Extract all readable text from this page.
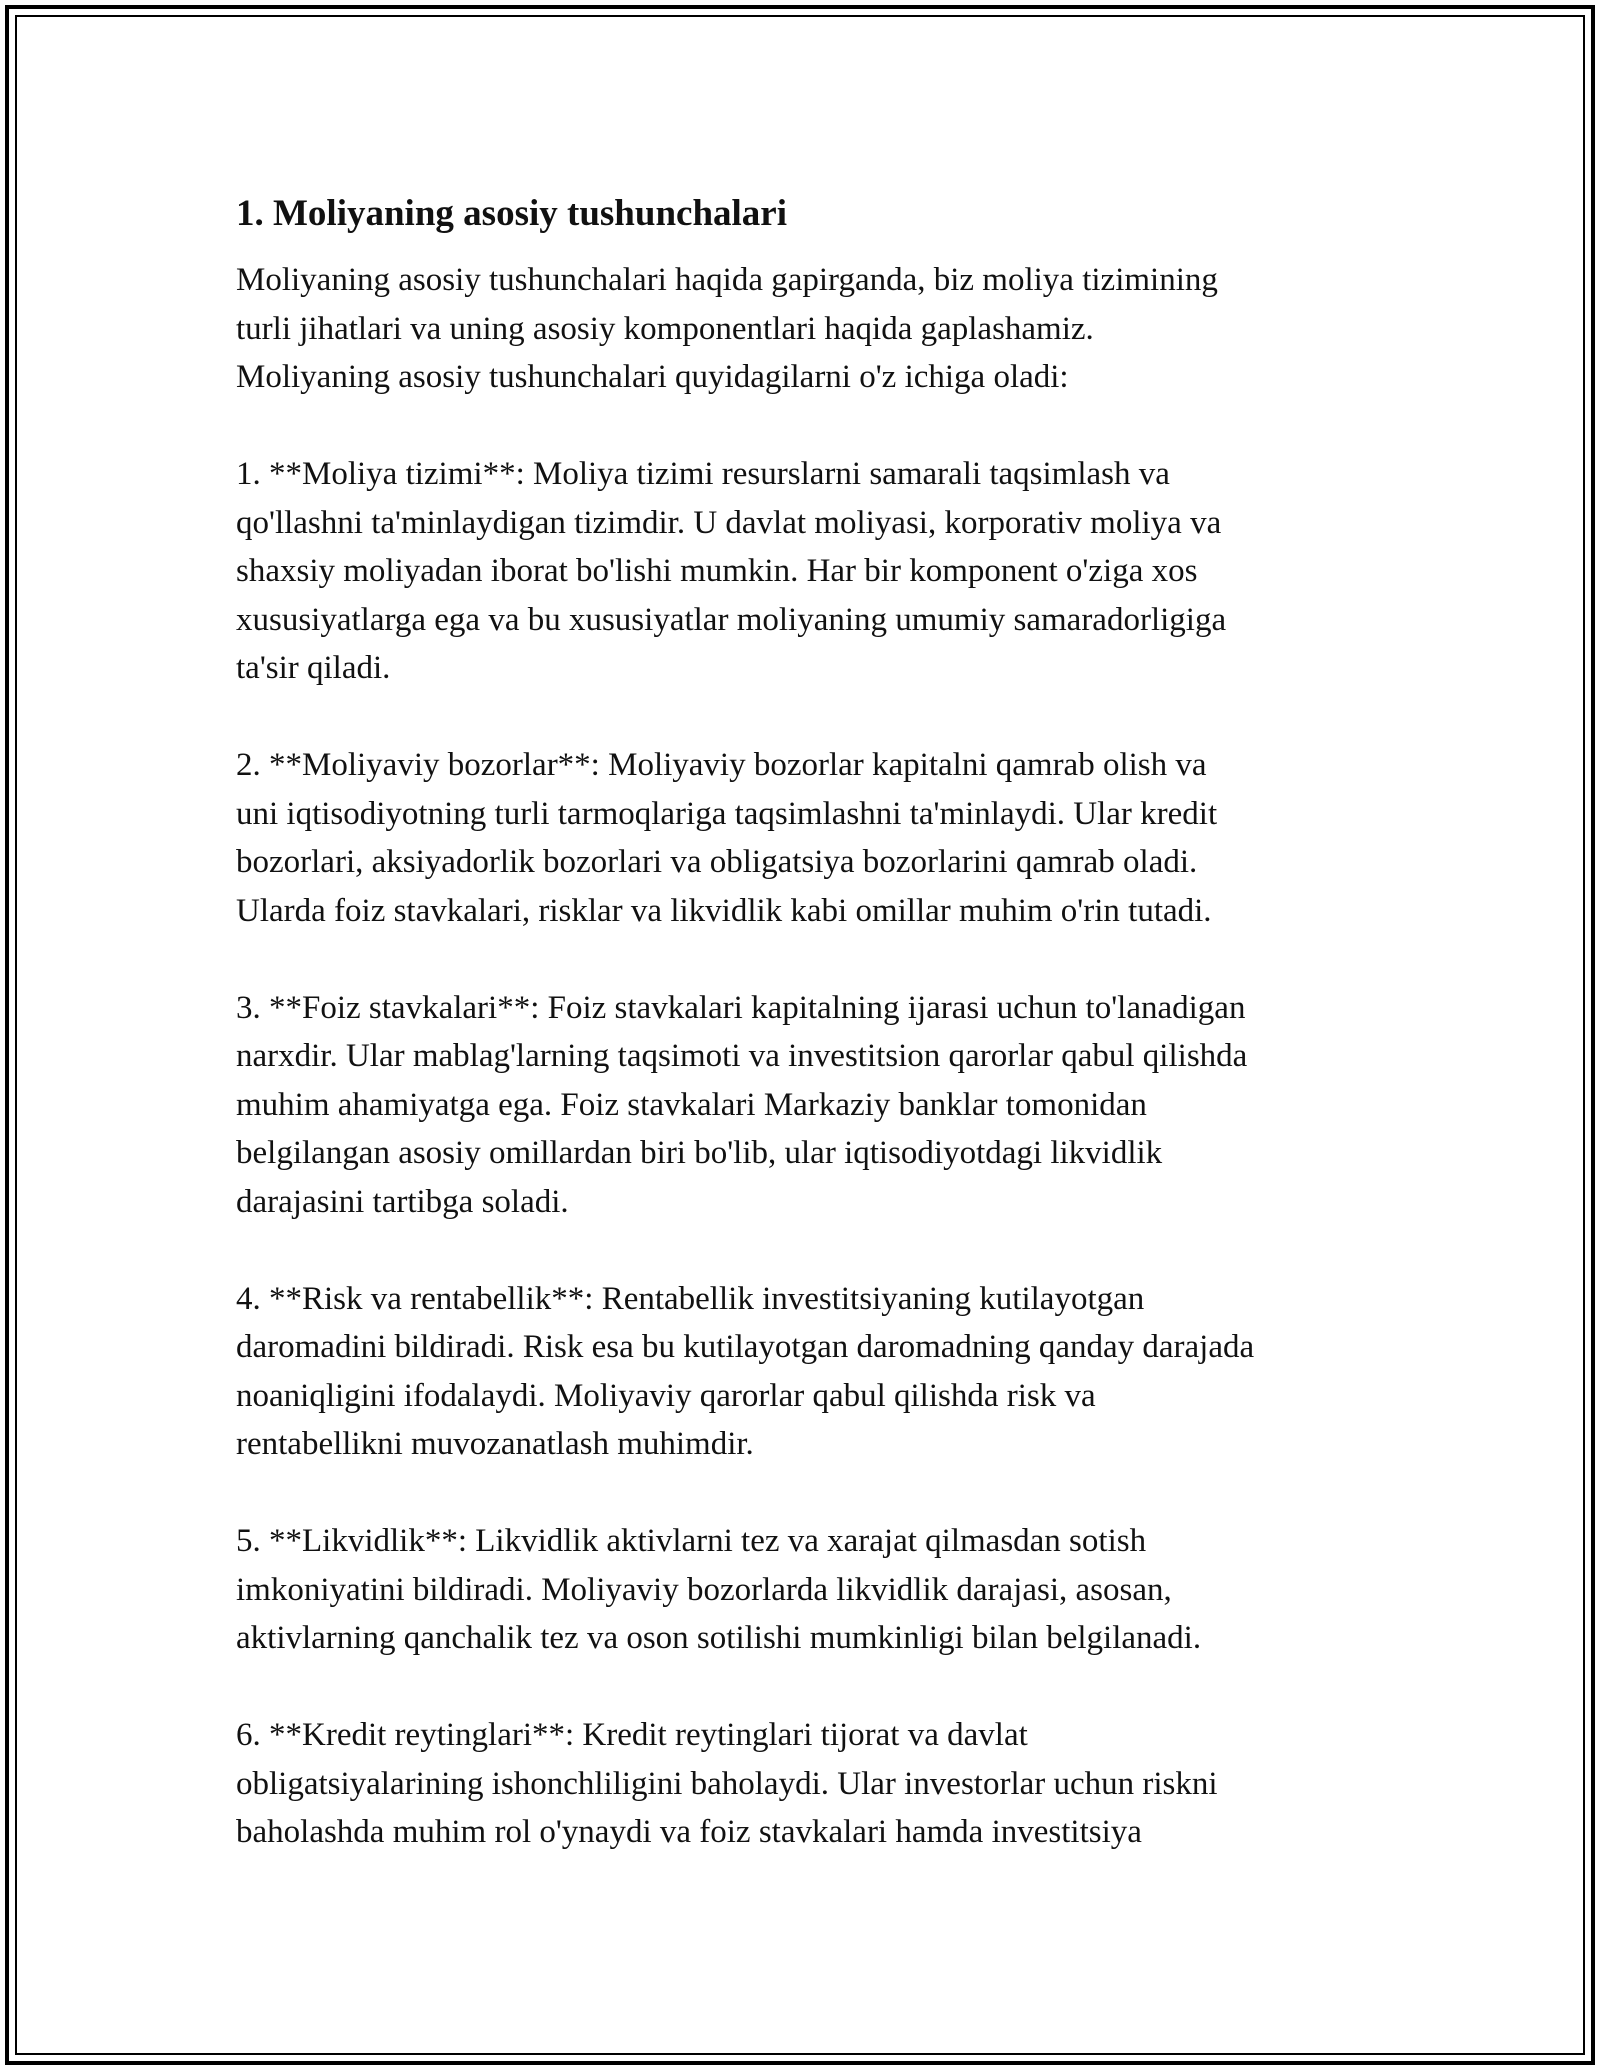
1. Moliyaning asosiy tushunchalari

Moliyaning asosiy tushunchalari haqida gapirganda, biz moliya tizimining
turli jihatlari va uning asosiy komponentlari haqida gaplashamiz.
Moliyaning asosiy tushunchalari quyidagilarni o'z ichiga oladi:

1. **Moliya tizimi**: Moliya tizimi resurslarni samarali taqsimlash va
qo'llashni ta'minlaydigan tizimdir. U davlat moliyasi, korporativ moliya va
shaxsiy moliyadan iborat bo'lishi mumkin. Har bir komponent o'ziga xos
xususiyatlarga ega va bu xususiyatlar moliyaning umumiy samaradorligiga
ta'sir qiladi.

2. **Moliyaviy bozorlar**: Moliyaviy bozorlar kapitalni qamrab olish va
uni iqtisodiyotning turli tarmoqlariga taqsimlashni ta'minlaydi. Ular kredit
bozorlari, aksiyadorlik bozorlari va obligatsiya bozorlarini qamrab oladi.
Ularda foiz stavkalari, risklar va likvidlik kabi omillar muhim o'rin tutadi.

3. **Foiz stavkalari**: Foiz stavkalari kapitalning ijarasi uchun to'lanadigan
narxdir. Ular mablag'larning taqsimoti va investitsion qarorlar qabul qilishda
muhim ahamiyatga ega. Foiz stavkalari Markaziy banklar tomonidan
belgilangan asosiy omillardan biri bo'lib, ular iqtisodiyotdagi likvidlik
darajasini tartibga soladi.

4. **Risk va rentabellik**: Rentabellik investitsiyaning kutilayotgan
daromadini bildiradi. Risk esa bu kutilayotgan daromadning qanday darajada
noaniqligini ifodalaydi. Moliyaviy qarorlar qabul qilishda risk va
rentabellikni muvozanatlash muhimdir.

5. **Likvidlik**: Likvidlik aktivlarni tez va xarajat qilmasdan sotish
imkoniyatini bildiradi. Moliyaviy bozorlarda likvidlik darajasi, asosan,
aktivlarning qanchalik tez va oson sotilishi mumkinligi bilan belgilanadi.

6. **Kredit reytinglari**: Kredit reytinglari tijorat va davlat
obligatsiyalarining ishonchliligini baholaydi. Ular investorlar uchun riskni
baholashda muhim rol o'ynaydi va foiz stavkalari hamda investitsiya
